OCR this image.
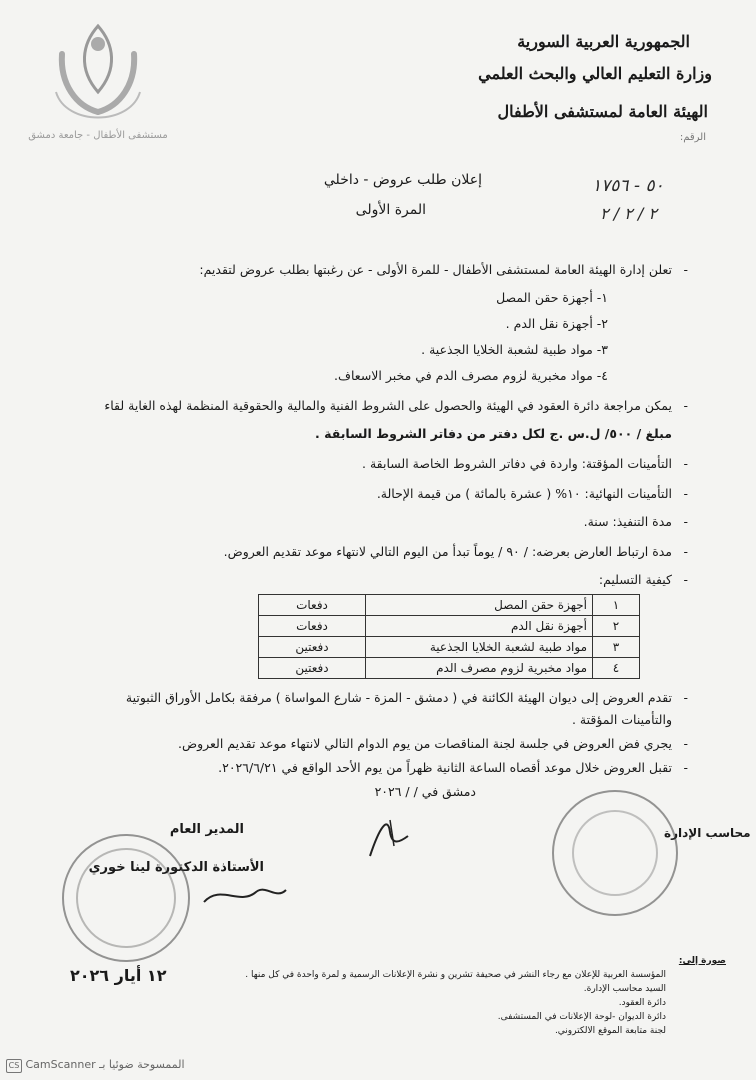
مستشفى الأطفال - جامعة دمشق
الجمهورية العربية السورية
وزارة التعليم العالي والبحث العلمي
الهيئة العامة لمستشفى الأطفال
الرقم:
إعلان طلب عروض - داخلي
المرة الأولى
٥٠ - ١٧٥٦
٢ / ٢ / ٢
- تعلن إدارة الهيئة العامة لمستشفى الأطفال - للمرة الأولى - عن رغبتها بطلب عروض لتقديم:
١- أجهزة حقن المصل
٢- أجهزة نقل الدم .
٣- مواد طبية لشعبة الخلايا الجذعية .
٤- مواد مخبرية لزوم مصرف الدم في مخبر الاسعاف.
- يمكن مراجعة دائرة العقود في الهيئة والحصول على الشروط الفنية والمالية والحقوقية المنظمة لهذه الغاية لقاء
مبلغ / ٥٠٠/ ل.س .ج لكل دفتر من دفاتر الشروط السابقة .
- التأمينات المؤقتة: واردة في دفاتر الشروط الخاصة السابقة .
- التأمينات النهائية: ١٠% ( عشرة بالمائة ) من قيمة الإحالة.
- مدة التنفيذ: سنة.
- مدة ارتباط العارض بعرضه: / ٩٠ / يوماً تبدأ من اليوم التالي لانتهاء موعد تقديم العروض.
- كيفية التسليم:
١	أجهزة حقن المصل	دفعات
٢	أجهزة نقل الدم	دفعات
٣	مواد طبية لشعبة الخلايا الجذعية	دفعتين
٤	مواد مخبرية لزوم مصرف الدم	دفعتين
- تقدم العروض إلى ديوان الهيئة الكائنة في ( دمشق - المزة - شارع المواساة ) مرفقة بكامل الأوراق الثبوتية
والتأمينات المؤقتة .
- يجري فض العروض في جلسة لجنة المناقصات من يوم الدوام التالي لانتهاء موعد تقديم العروض.
- تقبل العروض خلال موعد أقصاه الساعة الثانية ظهراً من يوم الأحد الواقع في ٢٠٢٦/٦/٢١.
دمشق في / / ٢٠٢٦
المدير العام
الأستاذة الدكتورة لينا خوري
محاسب الإدارة
١٢ أيار ٢٠٢٦
صورة إلى:
المؤسسة العربية للإعلان مع رجاء النشر في صحيفة تشرين و نشرة الإعلانات الرسمية و لمرة واحدة في كل منها .
السيد محاسب الإدارة.
دائرة العقود.
دائرة الديوان -لوحة الإعلانات في المستشفى.
لجنة متابعة الموقع الالكتروني.
CS CamScanner الممسوحة ضوئيا بـ
